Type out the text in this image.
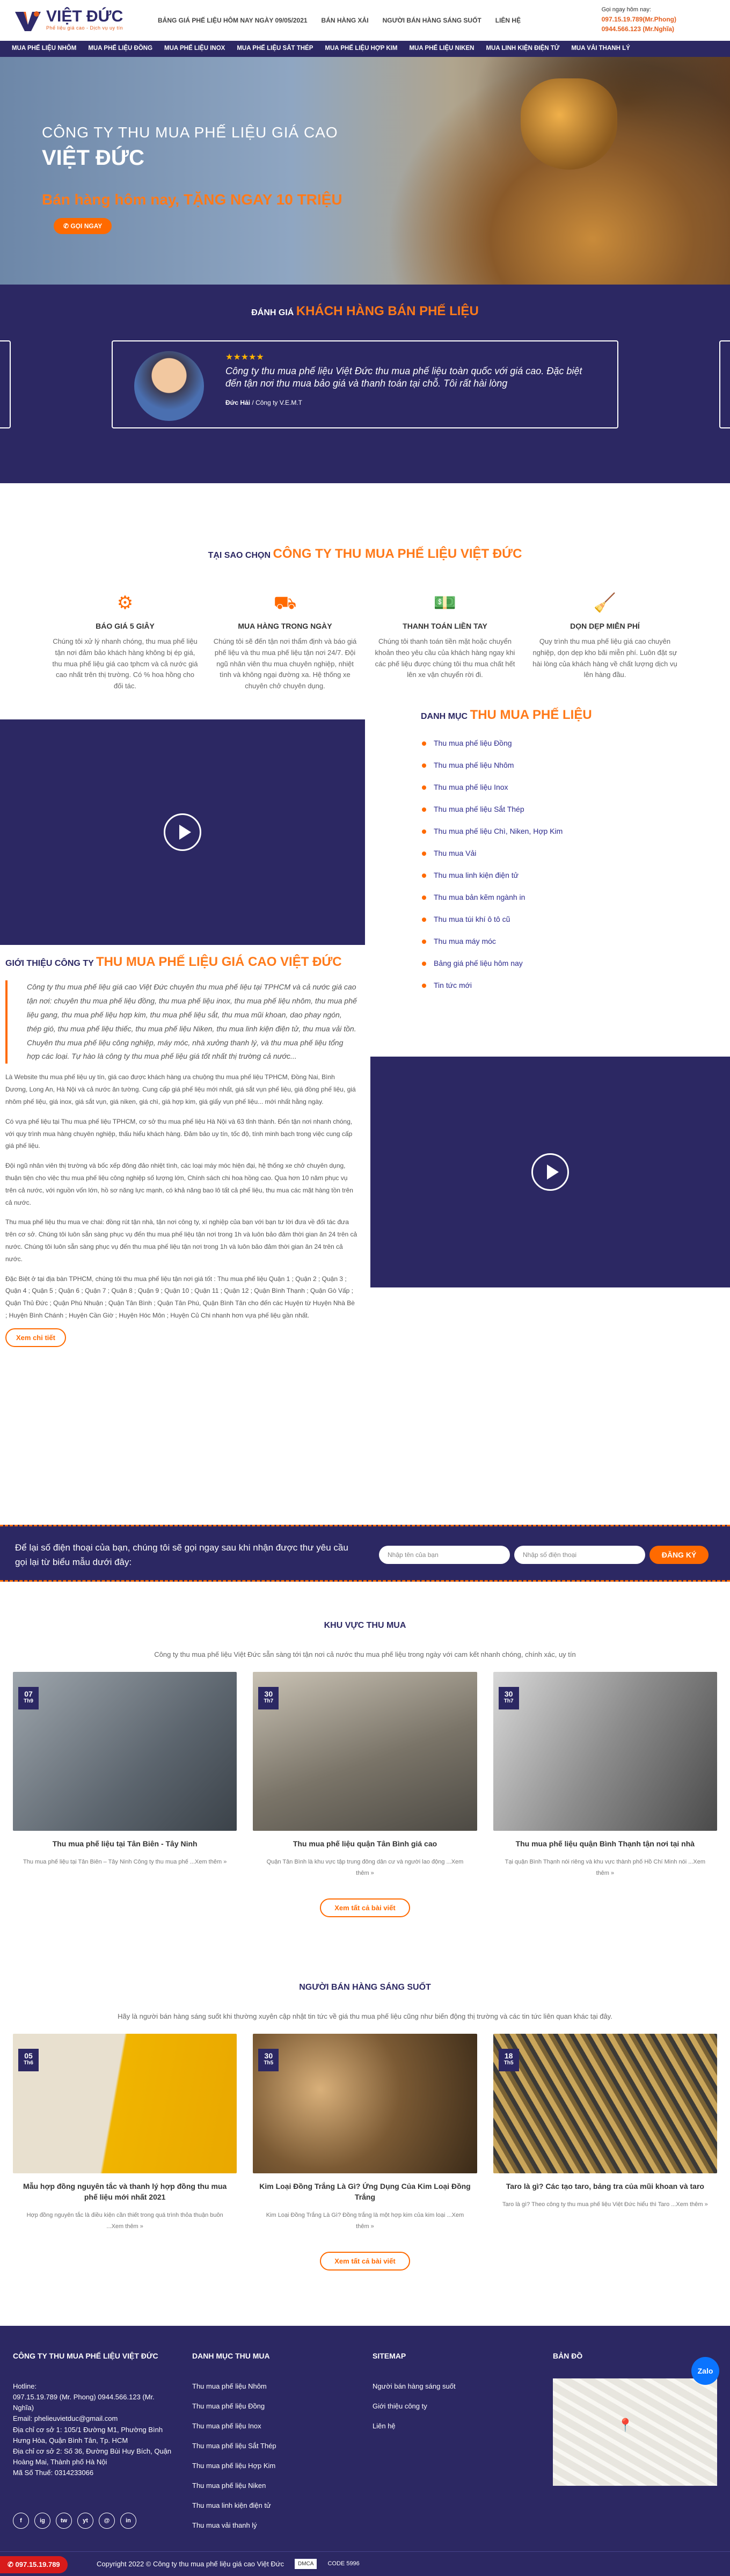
VIỆT ĐỨC
Phế liệu giá cao - Dịch vụ uy tín
BẢNG GIÁ PHẾ LIỆU HÔM NAY NGÀY 09/05/2021 BÁN HÀNG XẢI NGƯỜI BÁN HÀNG SÁNG SUỐT LIÊN HỆ
Gọi ngay hôm nay:
097.15.19.789(Mr.Phong)
0944.566.123 (Mr.Nghĩa)
MUA PHẾ LIỆU NHÔM MUA PHẾ LIỆU ĐỒNG MUA PHẾ LIỆU INOX MUA PHẾ LIỆU SẮT THÉP MUA PHẾ LIỆU HỢP KIM MUA PHẾ LIỆU NIKEN MUA LINH KIỆN ĐIỆN TỬ MUA VẢI THANH LÝ
CÔNG TY THU MUA PHẾ LIỆU GIÁ CAO
VIỆT ĐỨC
Bán hàng hôm nay, TẶNG NGAY 10 TRIỆU
✆ GỌI NGAY
ĐÁNH GIÁ KHÁCH HÀNG BÁN PHẾ LIỆU
★★★★★
Công ty thu mua phế liệu Việt Đức thu mua phế liệu toàn quốc với giá cao. Đặc biệt đến tận nơi thu mua bảo giá và thanh toán tại chỗ. Tôi rất hài lòng
Đức Hải / Công ty V.E.M.T
TẠI SAO CHỌN CÔNG TY THU MUA PHẾ LIỆU VIỆT ĐỨC
⚙
BÁO GIÁ 5 GIÂY
Chúng tôi xử lý nhanh chóng, thu mua phế liệu tận nơi đảm bảo khách hàng không bị ép giá, thu mua phế liệu giá cao tphcm và cả nước giá cao nhất trên thị trường. Có % hoa hồng cho đối tác.
⛟
MUA HÀNG TRONG NGÀY
Chúng tôi sẽ đến tận nơi thẩm định và báo giá phế liệu và thu mua phế liệu tận nơi 24/7. Đội ngũ nhân viên thu mua chuyên nghiệp, nhiệt tình và không ngại đường xa. Hệ thống xe chuyên chở chuyên dụng.
💵
THANH TOÁN LIỀN TAY
Chúng tôi thanh toán tiền mặt hoặc chuyển khoản theo yêu cầu của khách hàng ngay khi các phế liệu được chúng tôi thu mua chất hết lên xe vận chuyển rời đi.
🧹
DỌN DẸP MIỄN PHÍ
Quy trình thu mua phế liệu giá cao chuyên nghiệp, dọn dẹp kho bãi miễn phí. Luôn đặt sự hài lòng của khách hàng về chất lượng dịch vụ lên hàng đầu.
DANH MỤC THU MUA PHẾ LIỆU
Thu mua phế liệu Đồng
Thu mua phế liệu Nhôm
Thu mua phế liệu Inox
Thu mua phế liệu Sắt Thép
Thu mua phế liệu Chì, Niken, Hợp Kim
Thu mua Vải
Thu mua linh kiện điện tử
Thu mua bản kẽm ngành in
Thu mua túi khí ô tô cũ
Thu mua máy móc
Bảng giá phế liệu hôm nay
Tin tức mới
GIỚI THIỆU CÔNG TY THU MUA PHẾ LIỆU GIÁ CAO VIỆT ĐỨC
Công ty thu mua phế liệu giá cao Việt Đức chuyên thu mua phế liệu tại TPHCM và cả nước giá cao tận nơi: chuyên thu mua phế liệu đồng, thu mua phế liệu inox, thu mua phế liệu nhôm, thu mua phế liệu gang, thu mua phế liệu hợp kim, thu mua phế liệu sắt, thu mua mũi khoan, dao phay ngón, thép gió, thu mua phế liệu thiếc, thu mua phế liệu Niken, thu mua linh kiện điện tử, thu mua vải tồn. Chuyên thu mua phế liệu công nghiệp, máy móc, nhà xưởng thanh lý, và thu mua phế liệu tổng hợp các loại. Tự hào là công ty thu mua phế liệu giá tốt nhất thị trường cả nước...

Là Website thu mua phế liệu uy tín, giá cao được khách hàng ưa chuộng thu mua phế liệu TPHCM, Đồng Nai, Bình Dương, Long An, Hà Nội và cả nước ăn tường. Cung cấp giá phế liệu mới nhất, giá sắt vụn phế liệu, giá đồng phế liệu, giá nhôm phế liệu, giá inox, giá sắt vụn, giá niken, giá chì, giá hợp kim, giá giấy vụn phế liệu... mới nhất hằng ngày.

Có vựa phế liệu tại Thu mua phế liệu TPHCM, cơ sở thu mua phế liệu Hà Nội và 63 tỉnh thành. Đến tận nơi nhanh chóng, với quy trình mua hàng chuyên nghiệp, thấu hiểu khách hàng. Đảm bảo uy tín, tốc độ, tính minh bạch trong việc cung cấp giá phế liệu.

Đội ngũ nhân viên thị trường và bốc xếp đông đảo nhiệt tình, các loại máy móc hiện đại, hệ thống xe chở chuyên dụng, thuận tiện cho việc thu mua phế liệu công nghiệp số lượng lớn, Chính sách chi hoa hồng cao. Qua hơn 10 năm phục vụ trên cả nước, với nguồn vốn lớn, hồ sơ năng lực mạnh, có khả năng bao lô tất cả phế liệu, thu mua các mặt hàng tồn trên cả nước.

Thu mua phế liệu thu mua ve chai: đồng rút tận nhà, tận nơi công ty, xí nghiệp của bạn với bạn tư lời đưa về đối tác đưa trên cơ sở. Chúng tôi luôn sẵn sàng phục vụ đến thu mua phế liệu tận nơi trong 1h và luôn bảo đảm thời gian ăn 24 trên cả nước. Chúng tôi luôn sẵn sàng phục vụ đến thu mua phế liệu tận nơi trong 1h và luôn bảo đảm thời gian ăn 24 trên cả nước.

Đặc Biệt ở tại địa bàn TPHCM, chúng tôi thu mua phế liệu tận nơi giá tốt : Thu mua phế liệu Quận 1 ; Quận 2 ; Quận 3 ; Quận 4 ; Quận 5 ; Quận 6 ; Quận 7 ; Quận 8 ; Quận 9 ; Quận 10 ; Quận 11 ; Quận 12 ; Quận Bình Thạnh ; Quận Gò Vấp ; Quận Thủ Đức ; Quận Phú Nhuận ; Quận Tân Bình ; Quận Tân Phú, Quận Bình Tân cho đến các Huyện từ Huyện Nhà Bè ; Huyện Bình Chánh ; Huyện Cần Giờ ; Huyện Hóc Môn ; Huyện Củ Chi nhanh hơn vựa phế liệu gần nhất.

Xem chi tiết
Để lại số điện thoại của bạn, chúng tôi sẽ gọi ngay sau khi nhận được thư yêu cầu gọi lại từ biểu mẫu dưới đây:
Nhập tên của bạn	Nhập số điện thoại	ĐĂNG KÝ
KHU VỰC THU MUA
Công ty thu mua phế liệu Việt Đức sẵn sàng tới tận nơi cả nước thu mua phế liệu trong ngày với cam kết nhanh chóng, chính xác, uy tín
07
Th9
Thu mua phế liệu tại Tân Biên - Tây Ninh
Thu mua phế liệu tại Tân Biên – Tây Ninh Công ty thu mua phế ...Xem thêm »
30
Th7
Thu mua phế liệu quận Tân Bình giá cao
Quận Tân Bình là khu vực tập trung đông dân cư và người lao động ...Xem thêm »
30
Th7
Thu mua phế liệu quận Bình Thạnh tận nơi tại nhà
Tại quận Bình Thạnh nói riêng và khu vực thành phố Hồ Chí Minh nói ...Xem thêm »
Xem tất cả bài viết
NGƯỜI BÁN HÀNG SÁNG SUỐT
Hãy là người bán hàng sáng suốt khi thường xuyên cập nhật tin tức về giá thu mua phế liệu cũng như biến động thị trường và các tin tức liên quan khác tại đây.
05
Th6
Mẫu hợp đồng nguyên tắc và thanh lý hợp đồng thu mua phế liệu mới nhất 2021
Hợp đồng nguyên tắc là điều kiện cần thiết trong quá trình thỏa thuận buôn ...Xem thêm »
30
Th5
Kim Loại Đồng Trắng Là Gì? Ứng Dụng Của Kim Loại Đồng Trắng
Kim Loại Đồng Trắng Là Gì? Đồng trắng là một hợp kim của kim loại ...Xem thêm »
18
Th5
Taro là gì? Các tạo taro, bảng tra của mũi khoan và taro
Taro là gì? Theo công ty thu mua phế liệu Việt Đức hiểu thì Taro ...Xem thêm »
Xem tất cả bài viết
CÔNG TY THU MUA PHẾ LIỆU VIỆT ĐỨC
Hotline:
097.15.19.789 (Mr. Phong) 0944.566.123 (Mr. Nghĩa)
Email: phelieuvietduc@gmail.com
Địa chỉ cơ sở 1: 105/1 Đường M1, Phường Bình Hưng Hòa, Quận Bình Tân, Tp. HCM
Địa chỉ cơ sở 2: Số 36, Đường Bùi Huy Bích, Quận Hoàng Mai, Thành phố Hà Nội
Mã Số Thuế: 0314233066
f	ig	tw	yt	@	in
DANH MỤC THU MUA
Thu mua phế liệu Nhôm
Thu mua phế liệu Đồng
Thu mua phế liệu Inox
Thu mua phế liệu Sắt Thép
Thu mua phế liệu Hợp Kim
Thu mua phế liệu Niken
Thu mua linh kiện điện tử
Thu mua vải thanh lý
SITEMAP
Người bán hàng sáng suốt
Giới thiệu công ty
Liên hệ
BẢN ĐỒ
📍
Zalo
✆ 097.15.19.789	Copyright 2022 © Công ty thu mua phế liệu giá cao Việt Đức	DMCA	CODE 5996
